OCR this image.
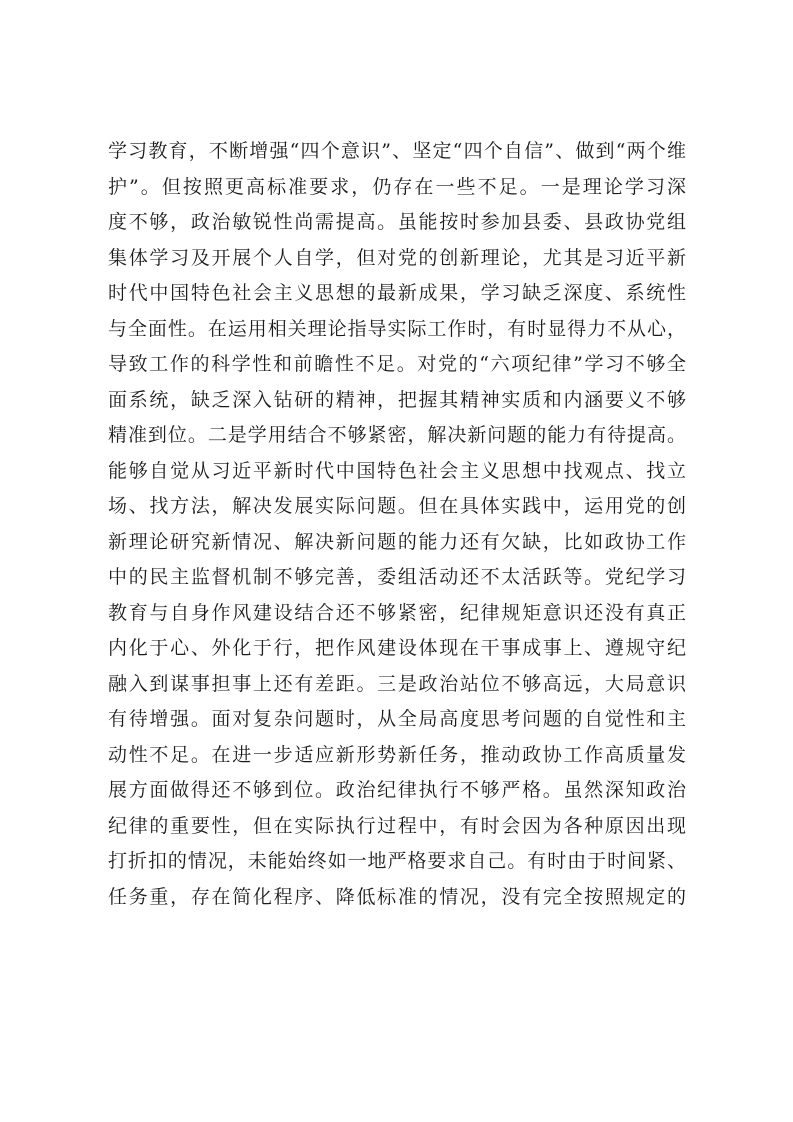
学习教育，不断增强“四个意识”、坚定“四个自信”、做到“两个维
护”。但按照更高标准要求，仍存在一些不足。一是理论学习深
度不够，政治敏锐性尚需提高。虽能按时参加县委、县政协党组
集体学习及开展个人自学，但对党的创新理论，尤其是习近平新
时代中国特色社会主义思想的最新成果，学习缺乏深度、系统性
与全面性。在运用相关理论指导实际工作时，有时显得力不从心，
导致工作的科学性和前瞻性不足。对党的“六项纪律”学习不够全
面系统，缺乏深入钻研的精神，把握其精神实质和内涵要义不够
精准到位。二是学用结合不够紧密，解决新问题的能力有待提高。
能够自觉从习近平新时代中国特色社会主义思想中找观点、找立
场、找方法，解决发展实际问题。但在具体实践中，运用党的创
新理论研究新情况、解决新问题的能力还有欠缺，比如政协工作
中的民主监督机制不够完善，委组活动还不太活跃等。党纪学习
教育与自身作风建设结合还不够紧密，纪律规矩意识还没有真正
内化于心、外化于行，把作风建设体现在干事成事上、遵规守纪
融入到谋事担事上还有差距。三是政治站位不够高远，大局意识
有待增强。面对复杂问题时，从全局高度思考问题的自觉性和主
动性不足。在进一步适应新形势新任务，推动政协工作高质量发
展方面做得还不够到位。政治纪律执行不够严格。虽然深知政治
纪律的重要性，但在实际执行过程中，有时会因为各种原因出现
打折扣的情况，未能始终如一地严格要求自己。有时由于时间紧、
任务重，存在简化程序、降低标准的情况，没有完全按照规定的
